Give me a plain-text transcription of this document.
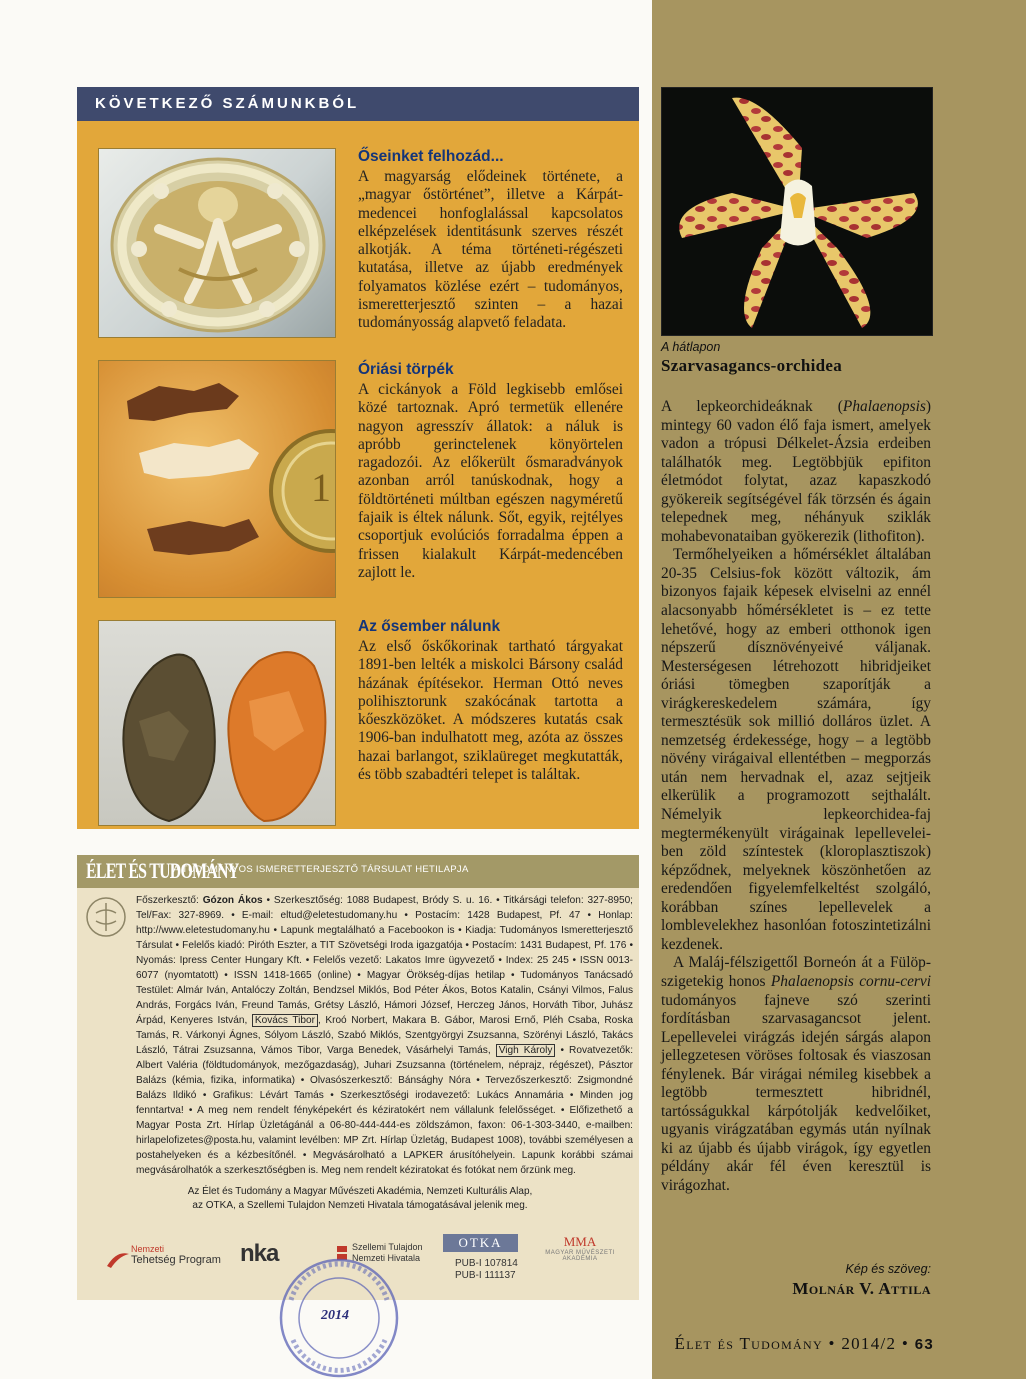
KÖVETKEZŐ SZÁMUNKBÓL
1
Őseinket felhozád...
A magyarság elődeinek története, a „magyar őstörténet”, illetve a Kárpát-medencei honfoglalással kapcsolatos elképzelések identitásunk szerves részét alkotják. A téma történeti-régészeti kutatása, illetve az újabb eredmények folyamatos közlése ezért – tudományos, ismeretterjesztő szinten – a hazai tudományosság alapvető feladata.
Óriási törpék
A cickányok a Föld legkisebb emlősei közé tartoznak. Apró termetük ellenére nagyon agresszív állatok: a náluk is apróbb gerinctelenek könyörtelen ragadozói. Az előkerült ősmaradványok azonban arról tanúskodnak, hogy a földtörténeti múltban egészen nagyméretű fajaik is éltek nálunk. Sőt, egyik, rejtélyes csoportjuk evolúciós forradalma éppen a frissen kialakult Kárpát-medencében zajlott le.
Az ősember nálunk
Az első őskőkorinak tartható tárgyakat 1891-ben lelték a miskolci Bársony család házának építésekor. Herman Ottó neves polihisztorunk szakócának tartotta a kőeszközöket. A módszeres kutatás csak 1906-ban indulhatott meg, azóta az összes hazai barlangot, sziklaüreget megkutatták, és több szabadtéri telepet is találtak.
ÉLET ÉS TUDOMÁNY
A TUDOMÁNYOS ISMERETTERJESZTŐ TÁRSULAT HETILAPJA
Főszerkesztő: Gózon Ákos • Szerkesztőség: 1088 Budapest, Bródy S. u. 16. • Titkársági telefon: 327-8950; Tel/Fax: 327-8969. • E-mail: eltud@eletestudomany.hu • Postacím: 1428 Budapest, Pf. 47 • Honlap: http://www.eletestudomany.hu • Lapunk megtalálható a Facebookon is • Kiadja: Tudományos Ismeretterjesztő Társulat • Felelős kiadó: Piróth Eszter, a TIT Szövetségi Iroda igazgatója • Postacím: 1431 Budapest, Pf. 176 • Nyomás: Ipress Center Hungary Kft. • Felelős vezető: Lakatos Imre ügyvezető • Index: 25 245 • ISSN 0013-6077 (nyomtatott) • ISSN 1418-1665 (online) • Magyar Örökség-díjas hetilap • Tudományos Tanácsadó Testület: Almár Iván, Antalóczy Zoltán, Bendzsel Miklós, Bod Péter Ákos, Botos Katalin, Csányi Vilmos, Falus András, Forgács Iván, Freund Tamás, Grétsy László, Hámori József, Herczeg János, Horváth Tibor, Juhász Árpád, Kenyeres István, Kovács Tibor , Kroó Norbert, Makara B. Gábor, Marosi Ernő, Pléh Csaba, Roska Tamás, R. Várkonyi Ágnes, Sólyom László, Szabó Miklós, Szentgyörgyi Zsuzsanna, Szörényi László, Takács László, Tátrai Zsuzsanna, Vámos Tibor, Varga Benedek, Vásárhelyi Tamás, Vigh Károly • Rovatvezetők: Albert Valéria (földtudományok, mezőgazdaság), Juhari Zsuzsanna (történelem, néprajz, régészet), Pásztor Balázs (kémia, fizika, informatika) • Olvasószerkesztő: Bánsághy Nóra • Tervezőszerkesztő: Zsigmondné Balázs Ildikó • Grafikus: Lévárt Tamás • Szerkesztőségi irodavezető: Lukács Annamária • Minden jog fenntartva! • A meg nem rendelt fényképekért és kéziratokért nem vállalunk felelősséget. • Előfizethető a Magyar Posta Zrt. Hírlap Üzletágánál a 06-80-444-444-es zöldszámon, faxon: 06-1-303-3440, e-mailben: hirlapelofizetes@posta.hu, valamint levélben: MP Zrt. Hírlap Üzletág, Budapest 1008), további személyesen a postahelyeken és a kézbesítőnél. • Megvásárolható a LAPKER árusítóhelyein. Lapunk korábbi számai megvásárolhatók a szerkesztőségben is. Meg nem rendelt kéziratokat és fotókat nem őrzünk meg.
Az Élet és Tudomány a Magyar Művészeti Akadémia, Nemzeti Kulturális Alap,
az OTKA, a Szellemi Tulajdon Nemzeti Hivatala támogatásával jelenik meg.
Nemzeti
Tehetség Program nka	Szellemi Tulajdon
Nemzeti Hivatala
OTKA
PUB-I 107814
PUB-I 111137
MMA
MAGYAR MŰVÉSZETI
AKADÉMIA
2014
A hátlapon
Szarvasagancs-orchidea

A lepkeorchideáknak (Phalaenopsis) mintegy 60 vadon élő faja ismert, amelyek vadon a trópusi Délkelet-Ázsia erdeiben találhatók meg. Legtöbbjük epifiton életmódot folytat, azaz kapaszkodó gyökereik segítségével fák törzsén és ágain telepednek meg, néhányuk sziklák mohabevonataiban gyökerezik (lithofiton).

Termőhelyeiken a hőmérséklet általában 20-35 Celsius-fok között változik, ám bizonyos fajaik képesek elviselni az ennél alacsonyabb hőmérsékletet is – ez tette lehetővé, hogy az emberi otthonok igen népszerű dísznövényeivé váljanak. Mesterségesen létrehozott hibridjeiket óriási tömegben szaporítják a virágkereskedelem számára, így termesztésük sok millió dolláros üzlet. A nemzetség érdekessége, hogy – a legtöbb növény virágaival ellentétben – megporzás után nem hervadnak el, azaz sejtjeik elkerülik a programozott sejthalált. Némelyik lepkeorchidea-faj megtermékenyült virágainak lepelleveleiben zöld színtestek (kloroplasztiszok) képződnek, melyeknek köszönhetően az eredendően figyelemfelkeltést szolgáló, korábban színes lepellevelek a lomblevelekhez hasonlóan fotoszintetizálni kezdenek.

A Maláj-félszigettől Borneón át a Fülöp-szigetekig honos Phalaenopsis cornu-cervi tudományos fajneve szó szerinti fordításban szarvasagancsot jelent. Lepellevelei virágzás idején sárgás alapon jellegzetesen vöröses foltosak és viaszosan fénylenek. Bár virágai némileg kisebbek a legtöbb termesztett hibridnél, tartósságukkal kárpótolják kedvelőiket, ugyanis virágzatában egymás után nyílnak ki az újabb és újabb virágok, így egyetlen példány akár fél éven keresztül is virágozhat.

Kép és szöveg:
Molnár V. Attila
Élet és Tudomány • 2014/2 • 63
